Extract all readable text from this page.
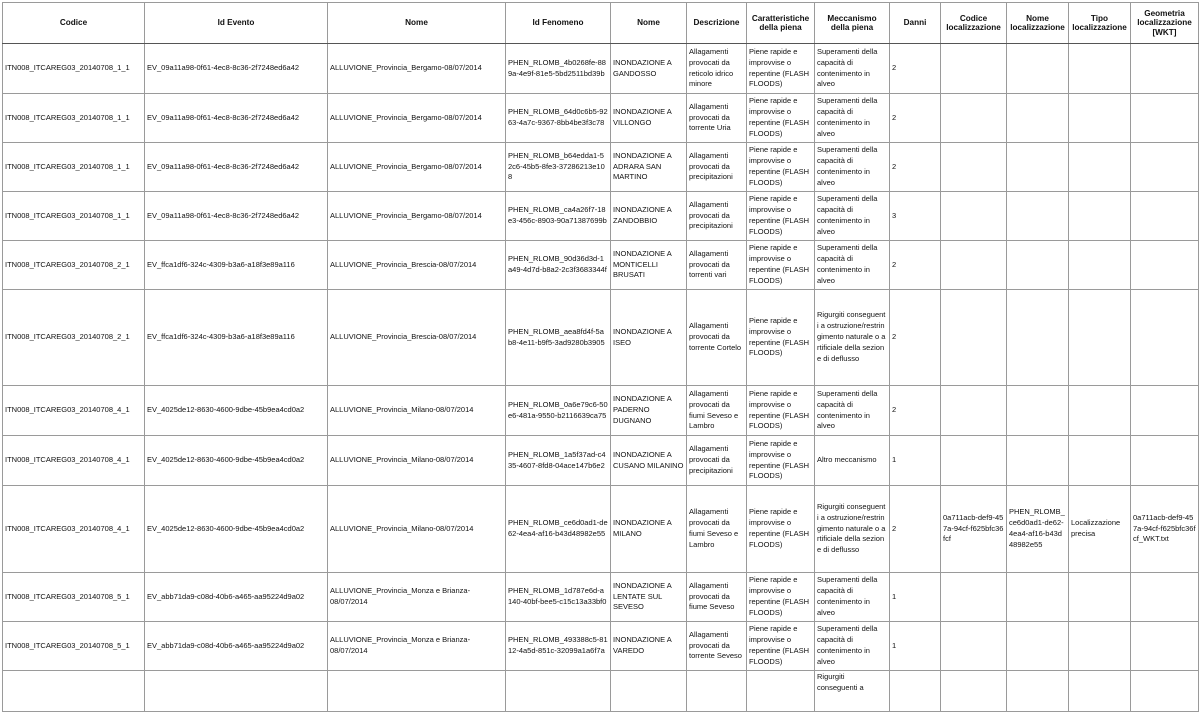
Codice	Id Evento	Nome	Id Fenomeno	Nome	Descrizione	Caratteristiche della piena	Meccanismo della piena	Danni	Codice localizzazione	Nome localizzazione	Tipo localizzazione	Geometria localizzazione [WKT]
ITN008_ITCAREG03_20140708_1_1	EV_09a11a98-0f61-4ec8-8c36-2f7248ed6a42	ALLUVIONE_Provincia_Bergamo-08/07/2014	PHEN_RLOMB_4b0268fe-889a-4e9f-81e5-5bd2511bd39b	INONDAZIONE A GANDOSSO	Allagamenti provocati da reticolo idrico minore	Piene rapide e improvvise o repentine (FLASH FLOODS)	Superamenti della capacità di contenimento in alveo	2				
ITN008_ITCAREG03_20140708_1_1	EV_09a11a98-0f61-4ec8-8c36-2f7248ed6a42	ALLUVIONE_Provincia_Bergamo-08/07/2014	PHEN_RLOMB_64d0c6b5-9263-4a7c-9367-8bb4be3f3c78	INONDAZIONE A VILLONGO	Allagamenti provocati da torrente Uria	Piene rapide e improvvise o repentine (FLASH FLOODS)	Superamenti della capacità di contenimento in alveo	2				
ITN008_ITCAREG03_20140708_1_1	EV_09a11a98-0f61-4ec8-8c36-2f7248ed6a42	ALLUVIONE_Provincia_Bergamo-08/07/2014	PHEN_RLOMB_b64edda1-52c6-45b5-8fe3-37286213e108	INONDAZIONE A ADRARA SAN MARTINO	Allagamenti provocati da precipitazioni	Piene rapide e improvvise o repentine (FLASH FLOODS)	Superamenti della capacità di contenimento in alveo	2				
ITN008_ITCAREG03_20140708_1_1	EV_09a11a98-0f61-4ec8-8c36-2f7248ed6a42	ALLUVIONE_Provincia_Bergamo-08/07/2014	PHEN_RLOMB_ca4a26f7-18e3-456c-8903-90a71387699b	INONDAZIONE A ZANDOBBIO	Allagamenti provocati da precipitazioni	Piene rapide e improvvise o repentine (FLASH FLOODS)	Superamenti della capacità di contenimento in alveo	3				
ITN008_ITCAREG03_20140708_2_1	EV_ffca1df6-324c-4309-b3a6-a18f3e89a116	ALLUVIONE_Provincia_Brescia-08/07/2014	PHEN_RLOMB_90d36d3d-1a49-4d7d-b8a2-2c3f3683344f	INONDAZIONE A MONTICELLI BRUSATI	Allagamenti provocati da torrenti vari	Piene rapide e improvvise o repentine (FLASH FLOODS)	Superamenti della capacità di contenimento in alveo	2				
ITN008_ITCAREG03_20140708_2_1	EV_ffca1df6-324c-4309-b3a6-a18f3e89a116	ALLUVIONE_Provincia_Brescia-08/07/2014	PHEN_RLOMB_aea8fd4f-5ab8-4e11-b9f5-3ad9280b3905	INONDAZIONE A ISEO	Allagamenti provocati da torrente Cortelo	Piene rapide e improvvise o repentine (FLASH FLOODS)	Rigurgiti conseguenti a ostruzione/restringimento naturale o artificiale della sezione di deflusso	2				
ITN008_ITCAREG03_20140708_4_1	EV_4025de12-8630-4600-9dbe-45b9ea4cd0a2	ALLUVIONE_Provincia_Milano-08/07/2014	PHEN_RLOMB_0a6e79c6-50e6-481a-9550-b2116639ca75	INONDAZIONE A PADERNO DUGNANO	Allagamenti provocati da fiumi Seveso e Lambro	Piene rapide e improvvise o repentine (FLASH FLOODS)	Superamenti della capacità di contenimento in alveo	2				
ITN008_ITCAREG03_20140708_4_1	EV_4025de12-8630-4600-9dbe-45b9ea4cd0a2	ALLUVIONE_Provincia_Milano-08/07/2014	PHEN_RLOMB_1a5f37ad-c435-4607-8fd8-04ace147b6e2	INONDAZIONE A CUSANO MILANINO	Allagamenti provocati da precipitazioni	Piene rapide e improvvise o repentine (FLASH FLOODS)	Altro meccanismo	1				
ITN008_ITCAREG03_20140708_4_1	EV_4025de12-8630-4600-9dbe-45b9ea4cd0a2	ALLUVIONE_Provincia_Milano-08/07/2014	PHEN_RLOMB_ce6d0ad1-de62-4ea4-af16-b43d48982e55	INONDAZIONE A MILANO	Allagamenti provocati da fiumi Seveso e Lambro	Piene rapide e improvvise o repentine (FLASH FLOODS)	Rigurgiti conseguenti a ostruzione/restringimento naturale o artificiale della sezione di deflusso	2	0a711acb-def9-457a-94cf-f625bfc36fcf	PHEN_RLOMB_ce6d0ad1-de62-4ea4-af16-b43d48982e55	Localizzazione precisa	0a711acb-def9-457a-94cf-f625bfc36fcf_WKT.txt
ITN008_ITCAREG03_20140708_5_1	EV_abb71da9-c08d-40b6-a465-aa95224d9a02	ALLUVIONE_Provincia_Monza e Brianza-08/07/2014	PHEN_RLOMB_1d787e6d-a140-40bf-bee5-c15c13a33bf0	INONDAZIONE A LENTATE SUL SEVESO	Allagamenti provocati da fiume Seveso	Piene rapide e improvvise o repentine (FLASH FLOODS)	Superamenti della capacità di contenimento in alveo	1				
ITN008_ITCAREG03_20140708_5_1	EV_abb71da9-c08d-40b6-a465-aa95224d9a02	ALLUVIONE_Provincia_Monza e Brianza-08/07/2014	PHEN_RLOMB_493388c5-8112-4a5d-851c-32099a1a6f7a	INONDAZIONE A VAREDO	Allagamenti provocati da torrente Seveso	Piene rapide e improvvise o repentine (FLASH FLOODS)	Superamenti della capacità di contenimento in alveo	1				
							Rigurgiti conseguenti a					
